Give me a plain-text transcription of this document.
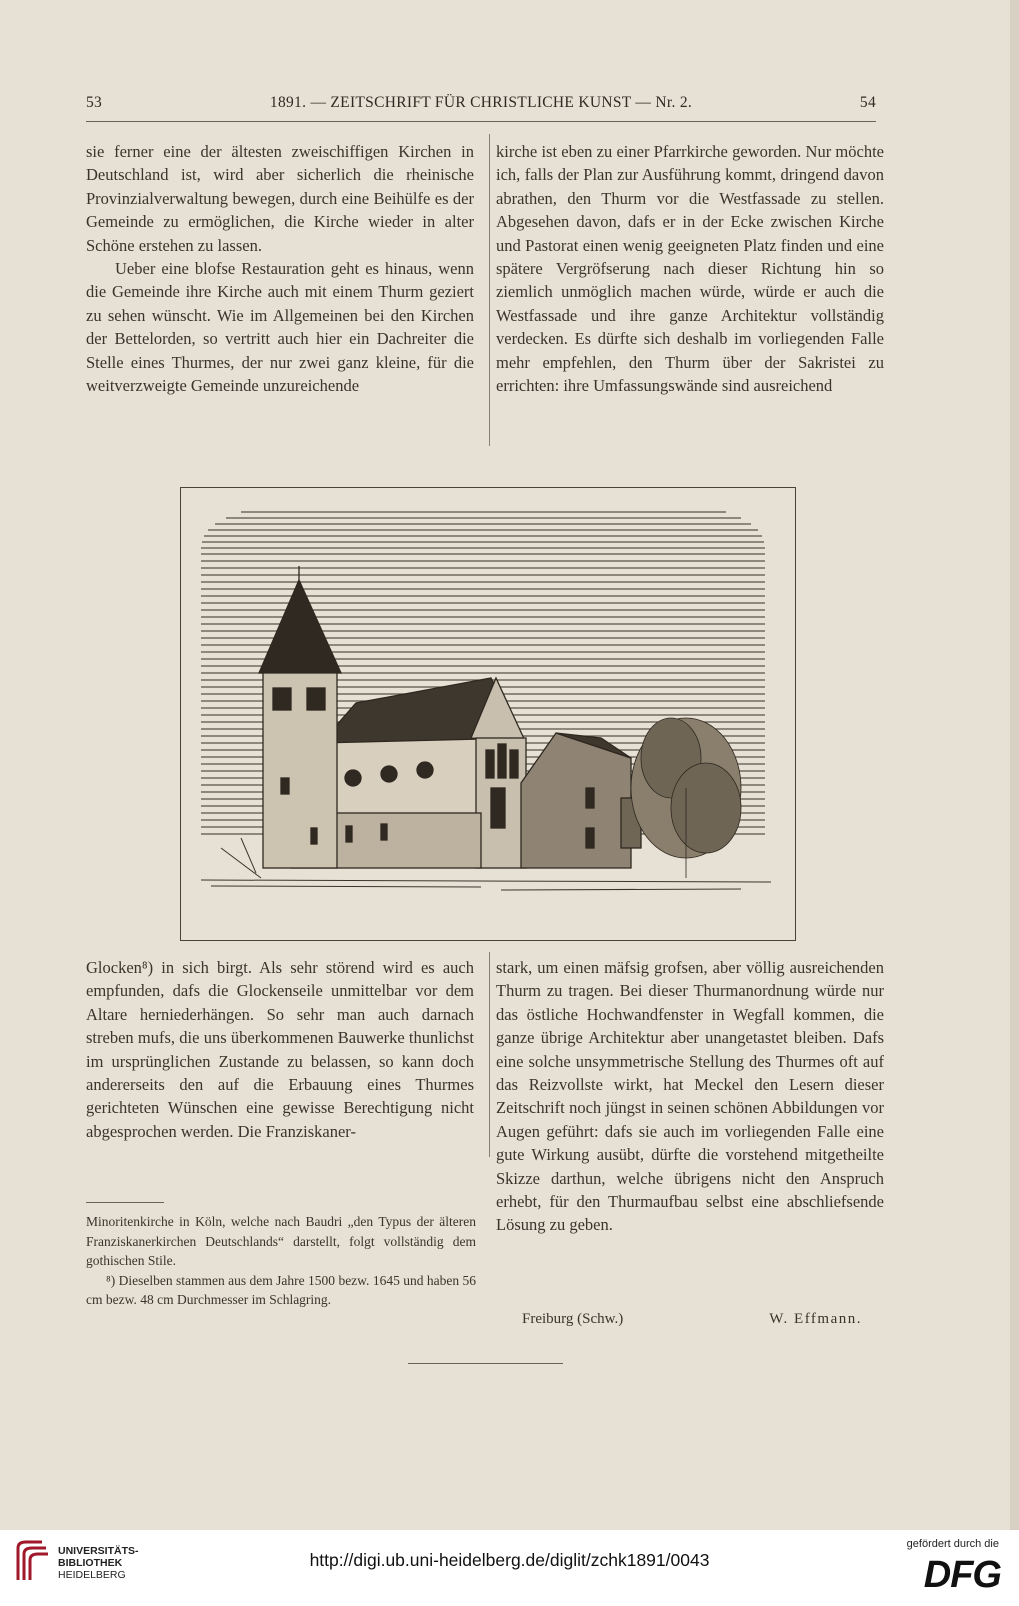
53	1891. — ZEITSCHRIFT FÜR CHRISTLICHE KUNST — Nr. 2.	54

sie ferner eine der ältesten zweischiffigen Kirchen in Deutschland ist, wird aber sicherlich die rheinische Provinzialverwaltung bewegen, durch eine Beihülfe es der Gemeinde zu ermöglichen, die Kirche wieder in alter Schöne erstehen zu lassen.

Ueber eine blofse Restauration geht es hinaus, wenn die Gemeinde ihre Kirche auch mit einem Thurm geziert zu sehen wünscht. Wie im Allgemeinen bei den Kirchen der Bettelorden, so vertritt auch hier ein Dachreiter die Stelle eines Thurmes, der nur zwei ganz kleine, für die weitverzweigte Gemeinde unzureichende

kirche ist eben zu einer Pfarrkirche geworden. Nur möchte ich, falls der Plan zur Ausführung kommt, dringend davon abrathen, den Thurm vor die Westfassade zu stellen. Abgesehen davon, dafs er in der Ecke zwischen Kirche und Pastorat einen wenig geeigneten Platz finden und eine spätere Vergröfserung nach dieser Richtung hin so ziemlich unmöglich machen würde, würde er auch die Westfassade und ihre ganze Architektur vollständig verdecken. Es dürfte sich deshalb im vorliegenden Falle mehr empfehlen, den Thurm über der Sakristei zu errichten: ihre Umfassungswände sind ausreichend

Glocken⁸) in sich birgt. Als sehr störend wird es auch empfunden, dafs die Glockenseile unmittelbar vor dem Altare herniederhängen. So sehr man auch darnach streben mufs, die uns überkommenen Bauwerke thunlichst im ursprünglichen Zustande zu belassen, so kann doch andererseits den auf die Erbauung eines Thurmes gerichteten Wünschen eine gewisse Berechtigung nicht abgesprochen werden. Die Franziskaner-

stark, um einen mäfsig grofsen, aber völlig ausreichenden Thurm zu tragen. Bei dieser Thurmanordnung würde nur das östliche Hochwandfenster in Wegfall kommen, die ganze übrige Architektur aber unangetastet bleiben. Dafs eine solche unsymmetrische Stellung des Thurmes oft auf das Reizvollste wirkt, hat Meckel den Lesern dieser Zeitschrift noch jüngst in seinen schönen Abbildungen vor Augen geführt: dafs sie auch im vorliegenden Falle eine gute Wirkung ausübt, dürfte die vorstehend mitgetheilte Skizze darthun, welche übrigens nicht den Anspruch erhebt, für den Thurmaufbau selbst eine abschliefsende Lösung zu geben.

Minoritenkirche in Köln, welche nach Baudri „den Typus der älteren Franziskanerkirchen Deutschlands“ darstellt, folgt vollständig dem gothischen Stile.

⁸) Dieselben stammen aus dem Jahre 1500 bezw. 1645 und haben 56 cm bezw. 48 cm Durchmesser im Schlagring.

Freiburg (Schw.)	W. Effmann.
UNIVERSITÄTS-
BIBLIOTHEK
HEIDELBERG
http://digi.ub.uni-heidelberg.de/diglit/zchk1891/0043
gefördert durch die
DFG
